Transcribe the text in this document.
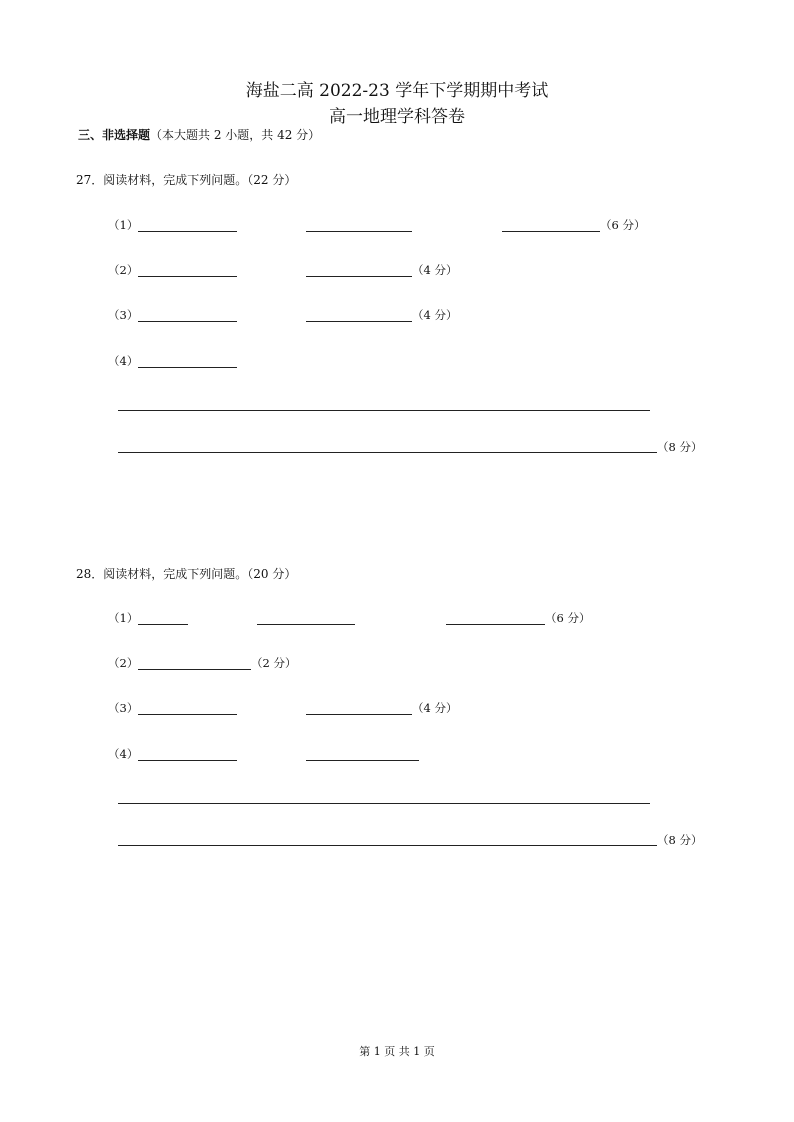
海盐二高 2022-23 学年下学期期中考试
高一地理学科答卷
三、非选择题（本大题共 2 小题，共 42 分）
27．阅读材料，完成下列问题。（22 分）
（1）	（6 分）
（2）	（4 分）
（3）	（4 分）
（4）
（8 分）
28．阅读材料，完成下列问题。（20 分）
（1）	（6 分）
（2）	（2 分）
（3）	（4 分）
（4）
（8 分）
第 1 页 共 1 页
